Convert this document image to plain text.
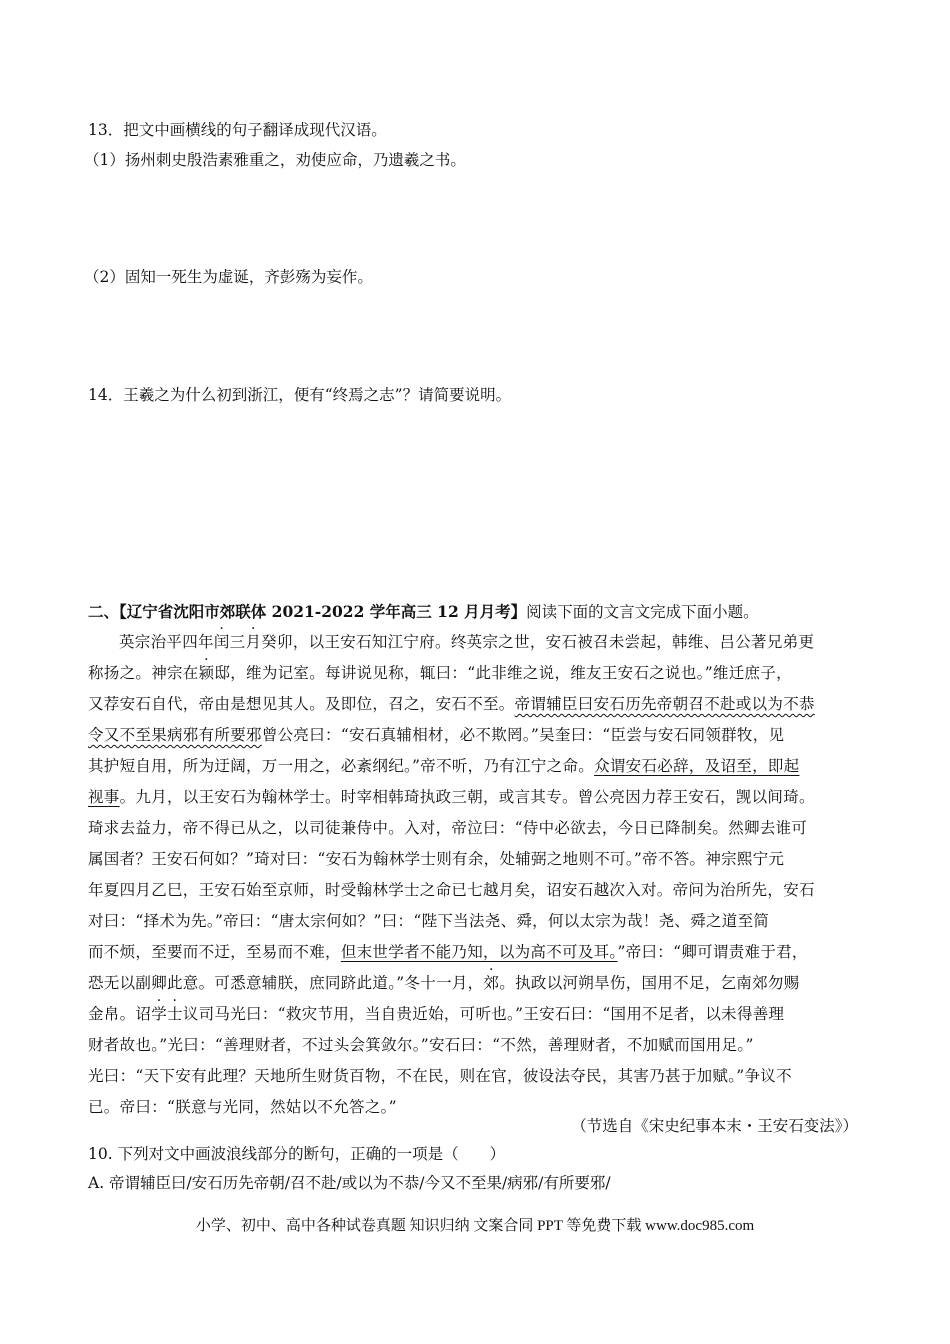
13．把文中画横线的句子翻译成现代汉语。
（1）扬州刺史殷浩素雅重之，劝使应命，乃遗羲之书。
（2）固知一死生为虚诞，齐彭殇为妄作。
14．王羲之为什么初到浙江，便有“终焉之志”？请简要说明。
二、【辽宁省沈阳市郊联体 2021-2022 学年高三 12 月月考】阅读下面的文言文完成下面小题。
英宗治平四年闰三月癸卯，以王安石知江宁府。终英宗之世，安石被召未尝起，韩维、吕公著兄弟更
称扬之。神宗在颍邸，维为记室。每讲说见称，辄曰：“此非维之说，维友王安石之说也。”维迁庶子，
又荐安石自代，帝由是想见其人。及即位，召之，安石不至。帝谓辅臣曰安石历先帝朝召不赴或以为不恭
令又不至果病邪有所要邪曾公亮曰：“安石真辅相材，必不欺罔。”吴奎曰：“臣尝与安石同领群牧，见
其护短自用，所为迂阔，万一用之，必紊纲纪。”帝不听，乃有江宁之命。众谓安石必辞，及诏至，即起
视事。九月，以王安石为翰林学士。时宰相韩琦执政三朝，或言其专。曾公亮因力荐王安石，觊以间琦。
琦求去益力，帝不得已从之，以司徒兼侍中。入对，帝泣曰：“侍中必欲去，今日已降制矣。然卿去谁可
属国者？王安石何如？”琦对曰：“安石为翰林学士则有余，处辅弼之地则不可。”帝不答。神宗熙宁元
年夏四月乙巳，王安石始至京师，时受翰林学士之命已七越月矣，诏安石越次入对。帝问为治所先，安石
对曰：“择术为先。”帝曰：“唐太宗何如？”曰：“陛下当法尧、舜，何以太宗为哉！尧、舜之道至简
而不烦，至要而不迂，至易而不难，但末世学者不能乃知，以为高不可及耳。”帝曰：“卿可谓责难于君，
恐无以副卿此意。可悉意辅朕，庶同跻此道。”冬十一月，郊。执政以河朔旱伤，国用不足，乞南郊勿赐
金帛。诏学士议司马光曰：“救灾节用，当自贵近始，可听也。”王安石曰：“国用不足者，以未得善理
财者故也。”光曰：“善理财者，不过头会箕敛尔。”安石曰：“不然，善理财者，不加赋而国用足。”
光曰：“天下安有此理？天地所生财货百物，不在民，则在官，彼设法夺民，其害乃甚于加赋。”争议不
已。帝曰：“朕意与光同，然姑以不允答之。”
（节选自《宋史纪事本末・王安石变法》）
10. 下列对文中画波浪线部分的断句，正确的一项是（　　）
A. 帝谓辅臣曰/安石历先帝朝/召不赴/或以为不恭/今又不至果/病邪/有所要邪/
小学、初中、高中各种试卷真题 知识归纳 文案合同 PPT 等免费下载 www.doc985.com
